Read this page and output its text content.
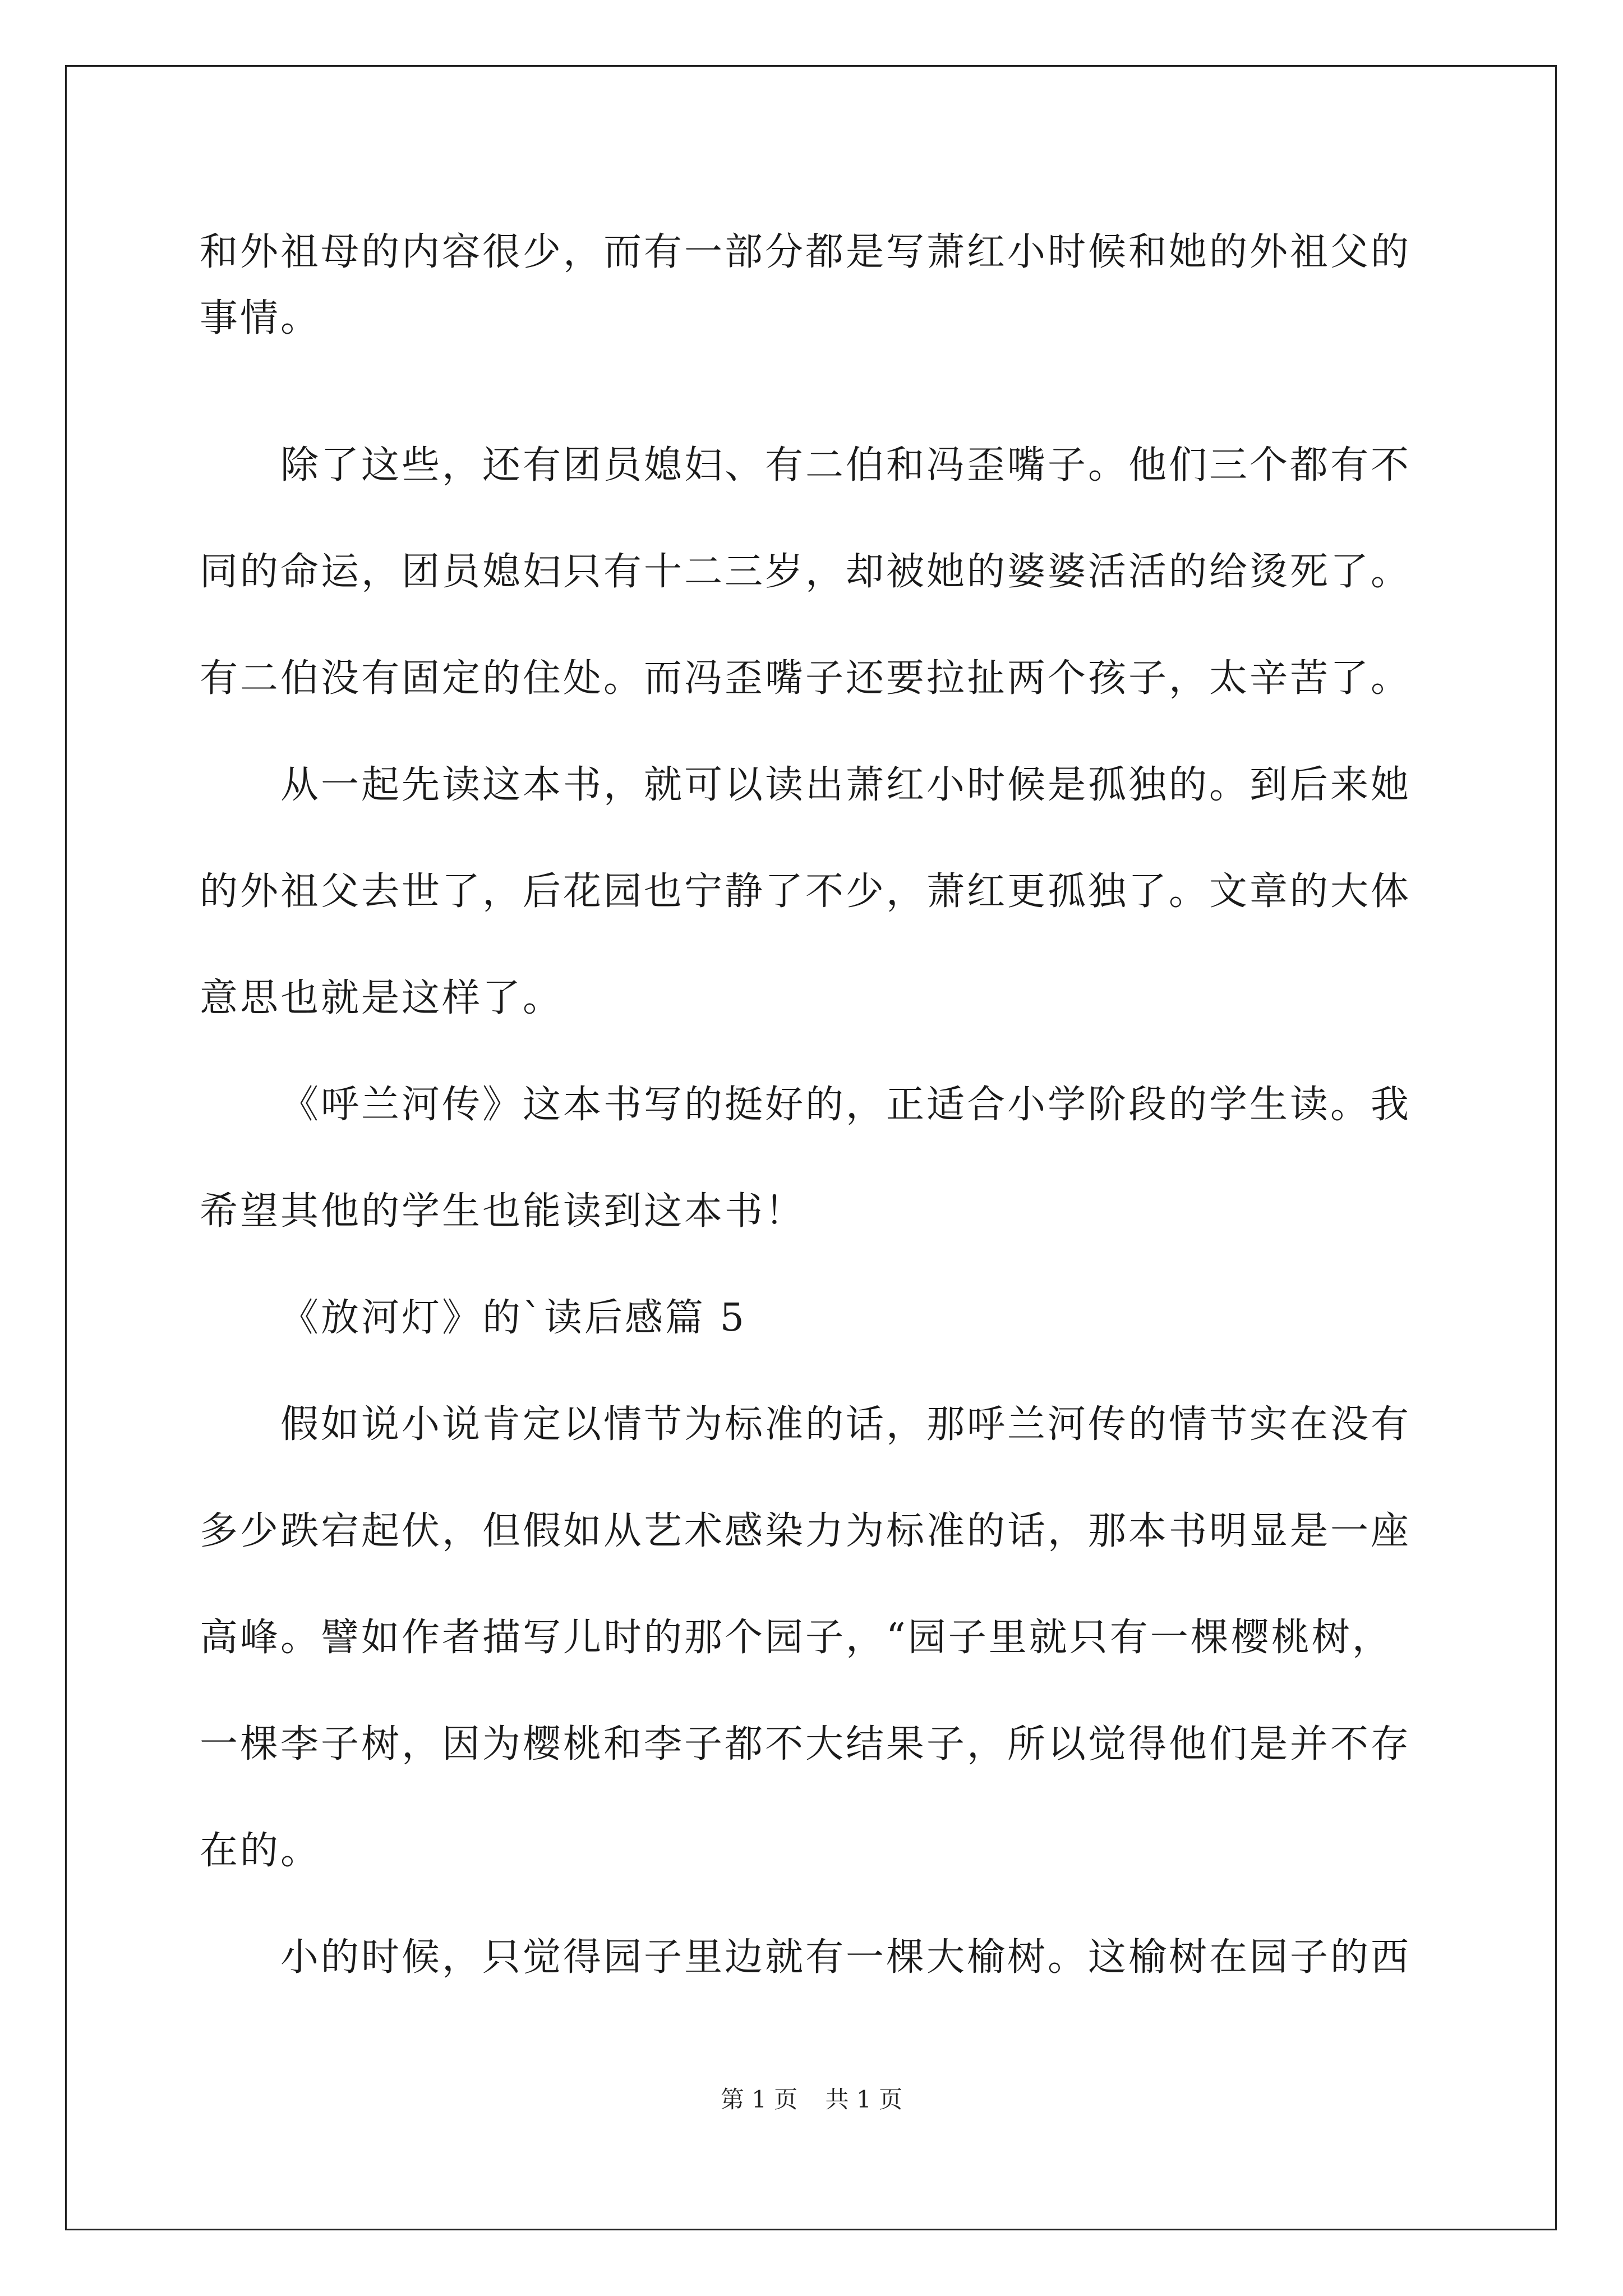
和外祖母的内容很少，而有一部分都是写萧红小时候和她的外祖父的
事情。
除了这些，还有团员媳妇、有二伯和冯歪嘴子。他们三个都有不
同的命运，团员媳妇只有十二三岁，却被她的婆婆活活的给烫死了。
有二伯没有固定的住处。而冯歪嘴子还要拉扯两个孩子，太辛苦了。
从一起先读这本书，就可以读出萧红小时候是孤独的。到后来她
的外祖父去世了，后花园也宁静了不少，萧红更孤独了。文章的大体
意思也就是这样了。
《呼兰河传》这本书写的挺好的，正适合小学阶段的学生读。我
希望其他的学生也能读到这本书！
《放河灯》的`读后感篇 5
假如说小说肯定以情节为标准的话，那呼兰河传的情节实在没有
多少跌宕起伏，但假如从艺术感染力为标准的话，那本书明显是一座
高峰。譬如作者描写儿时的那个园子，“园子里就只有一棵樱桃树，
一棵李子树，因为樱桃和李子都不大结果子，所以觉得他们是并不存
在的。
小的时候，只觉得园子里边就有一棵大榆树。这榆树在园子的西
第 1 页 共 1 页
